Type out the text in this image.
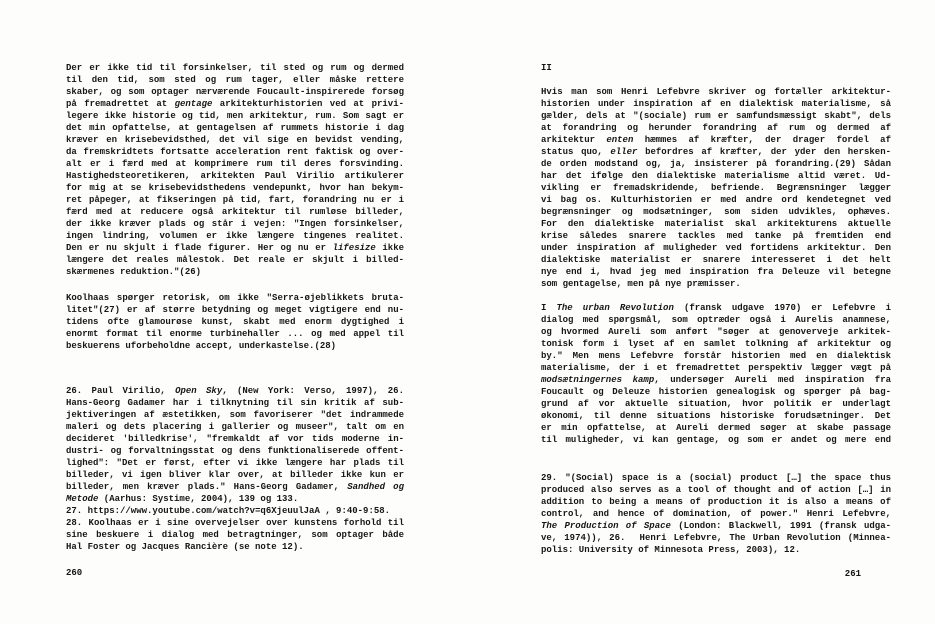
Der er ikke tid til forsinkelser, til sted og rum og dermed
til den tid, som sted og rum tager, eller måske rettere
skaber, og som optager nærværende Foucault-inspirerede forsøg
på fremadrettet at gentage arkitekturhistorien ved at privi-
legere ikke historie og tid, men arkitektur, rum. Som sagt er
det min opfattelse, at gentagelsen af rummets historie i dag
kræver en krisebevidsthed, det vil sige en bevidst vending,
da fremskridtets fortsatte acceleration rent faktisk og over-
alt er i færd med at komprimere rum til deres forsvinding.
Hastighedsteoretikeren, arkitekten Paul Virilio artikulerer
for mig at se krisebevidsthedens vendepunkt, hvor han bekym-
ret påpeger, at fikseringen på tid, fart, forandring nu er i
færd med at reducere også arkitektur til rumløse billeder,
der ikke kræver plads og står i vejen: "Ingen forsinkelser,
ingen lindring, volumen er ikke længere tingenes realitet.
Den er nu skjult i flade figurer. Her og nu er lifesize ikke
længere det reales målestok. Det reale er skjult i billed-
skærmenes reduktion."(26)
Koolhaas spørger retorisk, om ikke "Serra-øjeblikkets bruta-
litet"(27) er af større betydning og meget vigtigere end nu-
tidens ofte glamourøse kunst, skabt med enorm dygtighed i
enormt format til enorme turbinehaller ... og med appel til
beskuerens uforbeholdne accept, underkastelse.(28)
26. Paul Virilio, Open Sky, (New York: Verso, 1997), 26.
Hans-Georg Gadamer har i tilknytning til sin kritik af sub-
jektiveringen af æstetikken, som favoriserer "det indrammede
maleri og dets placering i gallerier og museer", talt om en
decideret 'billedkrise', "fremkaldt af vor tids moderne in-
dustri- og forvaltningsstat og dens funktionaliserede offent-
lighed": "Det er først, efter vi ikke længere har plads til
billeder, vi igen bliver klar over, at billeder ikke kun er
billeder, men kræver plads." Hans-Georg Gadamer, Sandhed og
Metode (Aarhus: Systime, 2004), 139 og 133.
27. https://www.youtube.com/watch?v=q6XjeuulJaA , 9:40-9:58.
28. Koolhaas er i sine overvejelser over kunstens forhold til
sine beskuere i dialog med betragtninger, som optager både
Hal Foster og Jacques Rancière (se note 12).
260
II
Hvis man som Henri Lefebvre skriver og fortæller arkitektur-
historien under inspiration af en dialektisk materialisme, så
gælder, dels at "(sociale) rum er samfundsmæssigt skabt", dels
at forandring og herunder forandring af rum og dermed af
arkitektur enten hæmmes af kræfter, der drager fordel af
status quo, eller befordres af kræfter, der yder den hersken-
de orden modstand og, ja, insisterer på forandring.(29) Sådan
har det ifølge den dialektiske materialisme altid været. Ud-
vikling er fremadskridende, befriende. Begrænsninger lægger
vi bag os. Kulturhistorien er med andre ord kendetegnet ved
begrænsninger og modsætninger, som siden udvikles, ophæves.
For den dialektiske materialist skal arkitekturens aktuelle
krise således snarere tackles med tanke på fremtiden end
under inspiration af muligheder ved fortidens arkitektur. Den
dialektiske materialist er snarere interesseret i det helt
nye end i, hvad jeg med inspiration fra Deleuze vil betegne
som gentagelse, men på nye præmisser.
I The urban Revolution (fransk udgave 1970) er Lefebvre i
dialog med spørgsmål, som optræder også i Aurelis anamnese,
og hvormed Aureli som anført "søger at genoverveje arkitek-
tonisk form i lyset af en samlet tolkning af arkitektur og
by." Men mens Lefebvre forstår historien med en dialektisk
materialisme, der i et fremadrettet perspektiv lægger vægt på
modsætningernes kamp, undersøger Aureli med inspiration fra
Foucault og Deleuze historien genealogisk og spørger på bag-
grund af vor aktuelle situation, hvor politik er underlagt
økonomi, til denne situations historiske forudsætninger. Det
er min opfattelse, at Aureli dermed søger at skabe passage
til muligheder, vi kan gentage, og som er andet og mere end
29. "(Social) space is a (social) product […] the space thus
produced also serves as a tool of thought and of action […] in
addition to being a means of production it is also a means of
control, and hence of domination, of power." Henri Lefebvre,
The Production of Space (London: Blackwell, 1991 (fransk udga-
ve, 1974)), 26.  Henri Lefebvre, The Urban Revolution (Minnea-
polis: University of Minnesota Press, 2003), 12.
261
